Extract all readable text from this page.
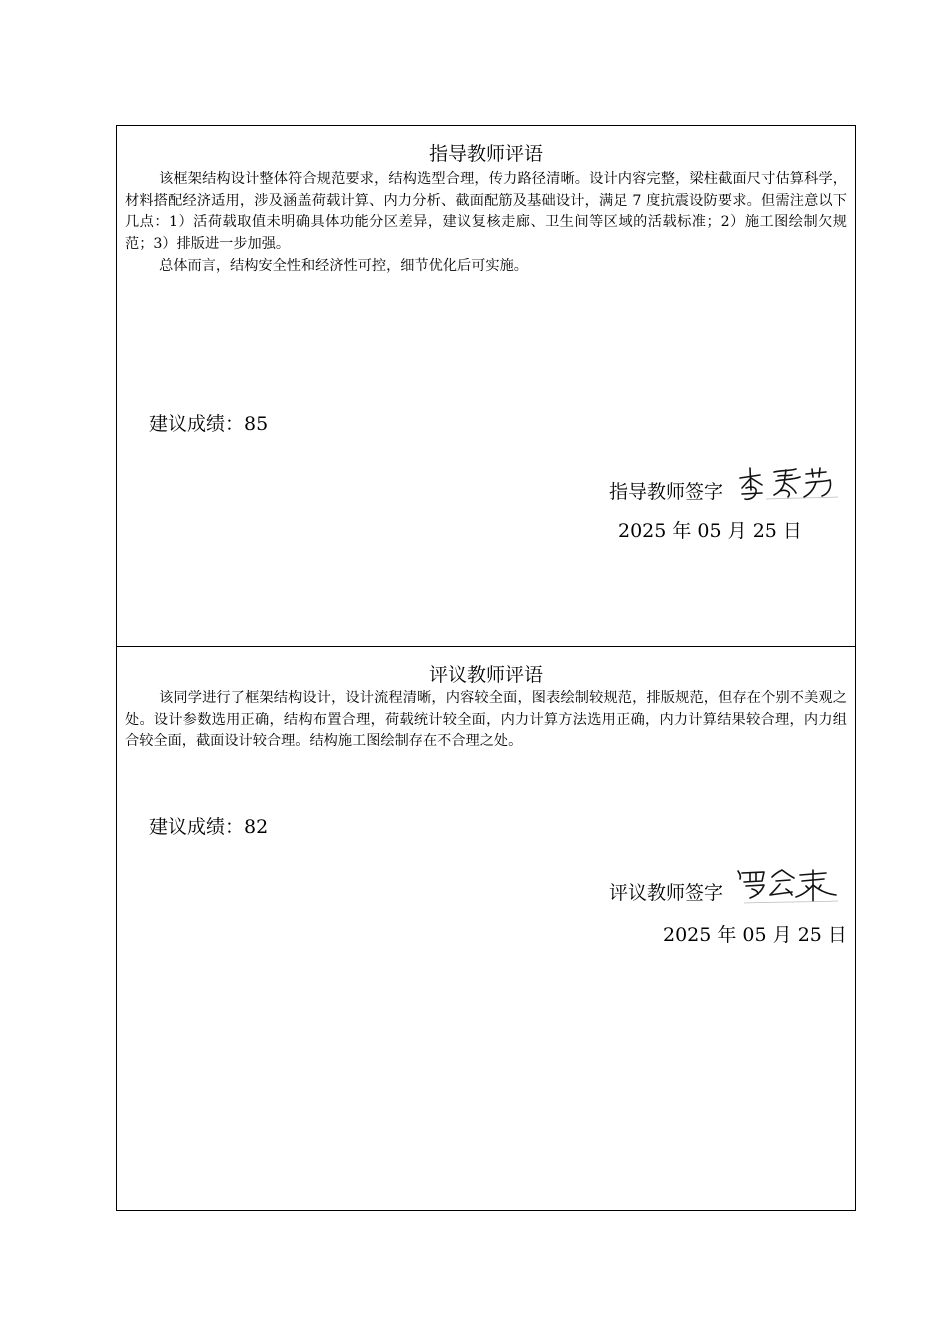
指导教师评语

该框架结构设计整体符合规范要求，结构选型合理，传力路径清晰。设计内容完整，梁柱截面尺寸估算科学，材料搭配经济适用，涉及涵盖荷载计算、内力分析、截面配筋及基础设计，满足 7 度抗震设防要求。但需注意以下几点：1）活荷载取值未明确具体功能分区差异，建议复核走廊、卫生间等区域的活载标准；2）施工图绘制欠规范；3）排版进一步加强。

总体而言，结构安全性和经济性可控，细节优化后可实施。

建议成绩：85
指导教师签字
2025 年 05 月 25 日
评议教师评语

该同学进行了框架结构设计，设计流程清晰，内容较全面，图表绘制较规范，排版规范，但存在个别不美观之处。设计参数选用正确，结构布置合理，荷载统计较全面，内力计算方法选用正确，内力计算结果较合理，内力组合较全面，截面设计较合理。结构施工图绘制存在不合理之处。

建议成绩：82
评议教师签字
2025 年 05 月 25 日
